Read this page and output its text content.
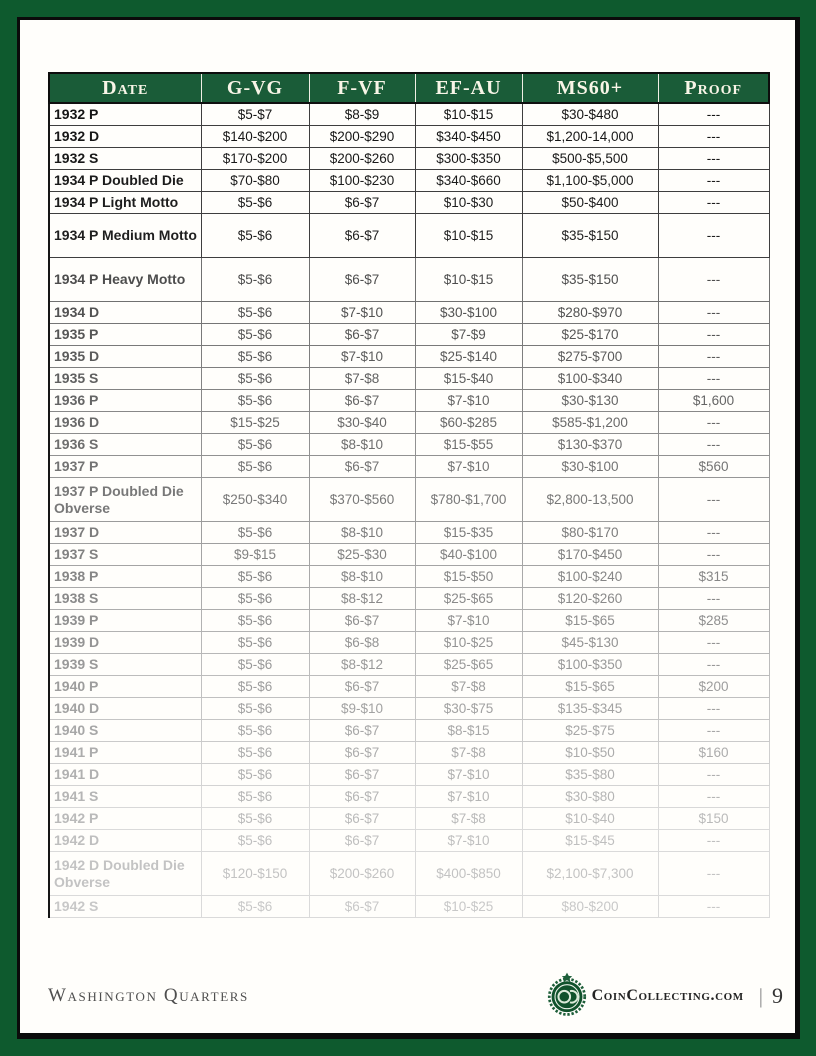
Date	G-VG	F-VF	EF-AU	MS60+	Proof
1932 P	$5-$7	$8-$9	$10-$15	$30-$480	---
1932 D	$140-$200	$200-$290	$340-$450	$1,200-14,000	---
1932 S	$170-$200	$200-$260	$300-$350	$500-$5,500	---
1934 P Doubled Die	$70-$80	$100-$230	$340-$660	$1,100-$5,000	---
1934 P Light Motto	$5-$6	$6-$7	$10-$30	$50-$400	---
1934 P Medium Motto	$5-$6	$6-$7	$10-$15	$35-$150	---
1934 P Heavy Motto	$5-$6	$6-$7	$10-$15	$35-$150	---
1934 D	$5-$6	$7-$10	$30-$100	$280-$970	---
1935 P	$5-$6	$6-$7	$7-$9	$25-$170	---
1935 D	$5-$6	$7-$10	$25-$140	$275-$700	---
1935 S	$5-$6	$7-$8	$15-$40	$100-$340	---
1936 P	$5-$6	$6-$7	$7-$10	$30-$130	$1,600
1936 D	$15-$25	$30-$40	$60-$285	$585-$1,200	---
1936 S	$5-$6	$8-$10	$15-$55	$130-$370	---
1937 P	$5-$6	$6-$7	$7-$10	$30-$100	$560
1937 P Doubled Die Obverse	$250-$340	$370-$560	$780-$1,700	$2,800-13,500	---
1937 D	$5-$6	$8-$10	$15-$35	$80-$170	---
1937 S	$9-$15	$25-$30	$40-$100	$170-$450	---
1938 P	$5-$6	$8-$10	$15-$50	$100-$240	$315
1938 S	$5-$6	$8-$12	$25-$65	$120-$260	---
1939 P	$5-$6	$6-$7	$7-$10	$15-$65	$285
1939 D	$5-$6	$6-$8	$10-$25	$45-$130	---
1939 S	$5-$6	$8-$12	$25-$65	$100-$350	---
1940 P	$5-$6	$6-$7	$7-$8	$15-$65	$200
1940 D	$5-$6	$9-$10	$30-$75	$135-$345	---
1940 S	$5-$6	$6-$7	$8-$15	$25-$75	---
1941 P	$5-$6	$6-$7	$7-$8	$10-$50	$160
1941 D	$5-$6	$6-$7	$7-$10	$35-$80	---
1941 S	$5-$6	$6-$7	$7-$10	$30-$80	---
1942 P	$5-$6	$6-$7	$7-$8	$10-$40	$150
1942 D	$5-$6	$6-$7	$7-$10	$15-$45	---
1942 D Doubled Die Obverse	$120-$150	$200-$260	$400-$850	$2,100-$7,300	---
1942 S	$5-$6	$6-$7	$10-$25	$80-$200	---
Washington Quarters	CoinCollecting.com | 9
